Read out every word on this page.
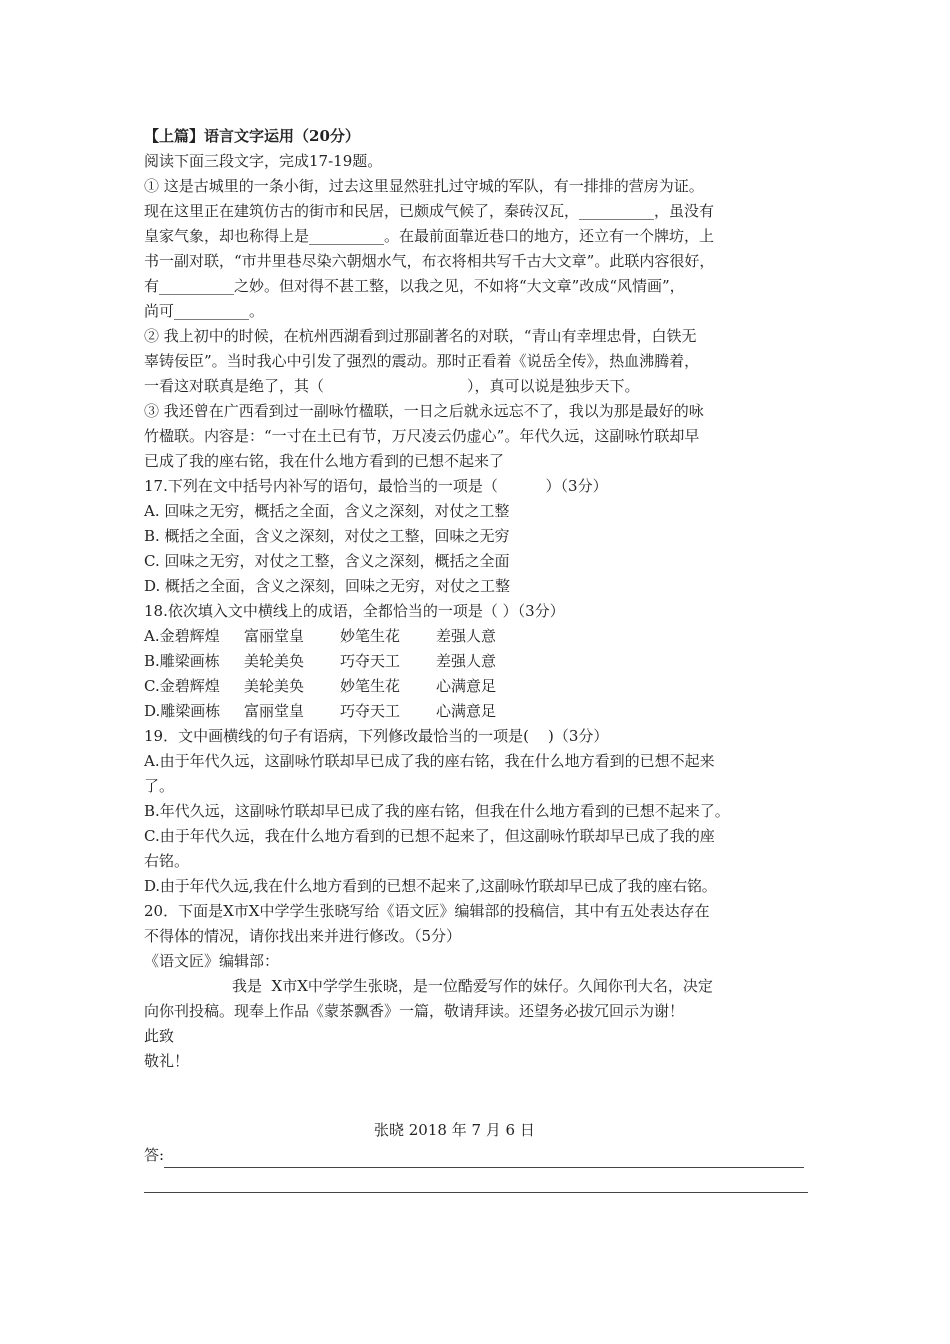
【上篇】语言文字运用（20分）
阅读下面三段文字，完成17-19题。
① 这是古城里的一条小街，过去这里显然驻扎过守城的军队，有一排排的营房为证。
现在这里正在建筑仿古的街市和民居，已颇成气候了，秦砖汉瓦，__________，虽没有
皇家气象，却也称得上是__________。在最前面靠近巷口的地方，还立有一个牌坊，上
书一副对联，“市井里巷尽染六朝烟水气，布衣将相共写千古大文章”。此联内容很好，
有__________之妙。但对得不甚工整，以我之见，不如将“大文章”改成“风情画”，
尚可__________。
② 我上初中的时候，在杭州西湖看到过那副著名的对联，“青山有幸埋忠骨，白铁无
辜铸佞臣”。当时我心中引发了强烈的震动。那时正看着《说岳全传》，热血沸腾着，
一看这对联真是绝了，其（                              ），真可以说是独步天下。
③ 我还曾在广西看到过一副咏竹楹联，一日之后就永远忘不了，我以为那是最好的咏
竹楹联。内容是：“一寸在土已有节，万尺凌云仍虚心”。年代久远，这副咏竹联却早
已成了我的座右铭，我在什么地方看到的已想不起来了
17.下列在文中括号内补写的语句，最恰当的一项是（          ）（3分）
A. 回味之无穷，概括之全面，含义之深刻，对仗之工整
B. 概括之全面，含义之深刻，对仗之工整，回味之无穷
C. 回味之无穷，对仗之工整，含义之深刻，概括之全面
D. 概括之全面，含义之深刻，回味之无穷，对仗之工整
18.依次填入文中横线上的成语，全都恰当的一项是（ ）（3分）
A.金碧辉煌 富丽堂皇 妙笔生花 差强人意
B.雕梁画栋 美轮美奂 巧夺天工 差强人意
C.金碧辉煌 美轮美奂 妙笔生花 心满意足
D.雕梁画栋 富丽堂皇 巧夺天工 心满意足
19．文中画横线的句子有语病，下列修改最恰当的一项是(    )（3分）
A.由于年代久远，这副咏竹联却早已成了我的座右铭，我在什么地方看到的已想不起来
了。
B.年代久远，这副咏竹联却早已成了我的座右铭，但我在什么地方看到的已想不起来了。
C.由于年代久远，我在什么地方看到的已想不起来了，但这副咏竹联却早已成了我的座
右铭。
D.由于年代久远,我在什么地方看到的已想不起来了,这副咏竹联却早已成了我的座右铭。
20．下面是X市X中学学生张晓写给《语文匠》编辑部的投稿信，其中有五处表达存在
不得体的情况，请你找出来并进行修改。（5分）
《语文匠》编辑部：
我是  X市X中学学生张晓，是一位酷爱写作的妹仔。久闻你刊大名，决定
向你刊投稿。现奉上作品《蒙茶飘香》一篇，敬请拜读。还望务必拔冗回示为谢！
此致
敬礼！
张晓 2018 年 7 月 6 日
答:
